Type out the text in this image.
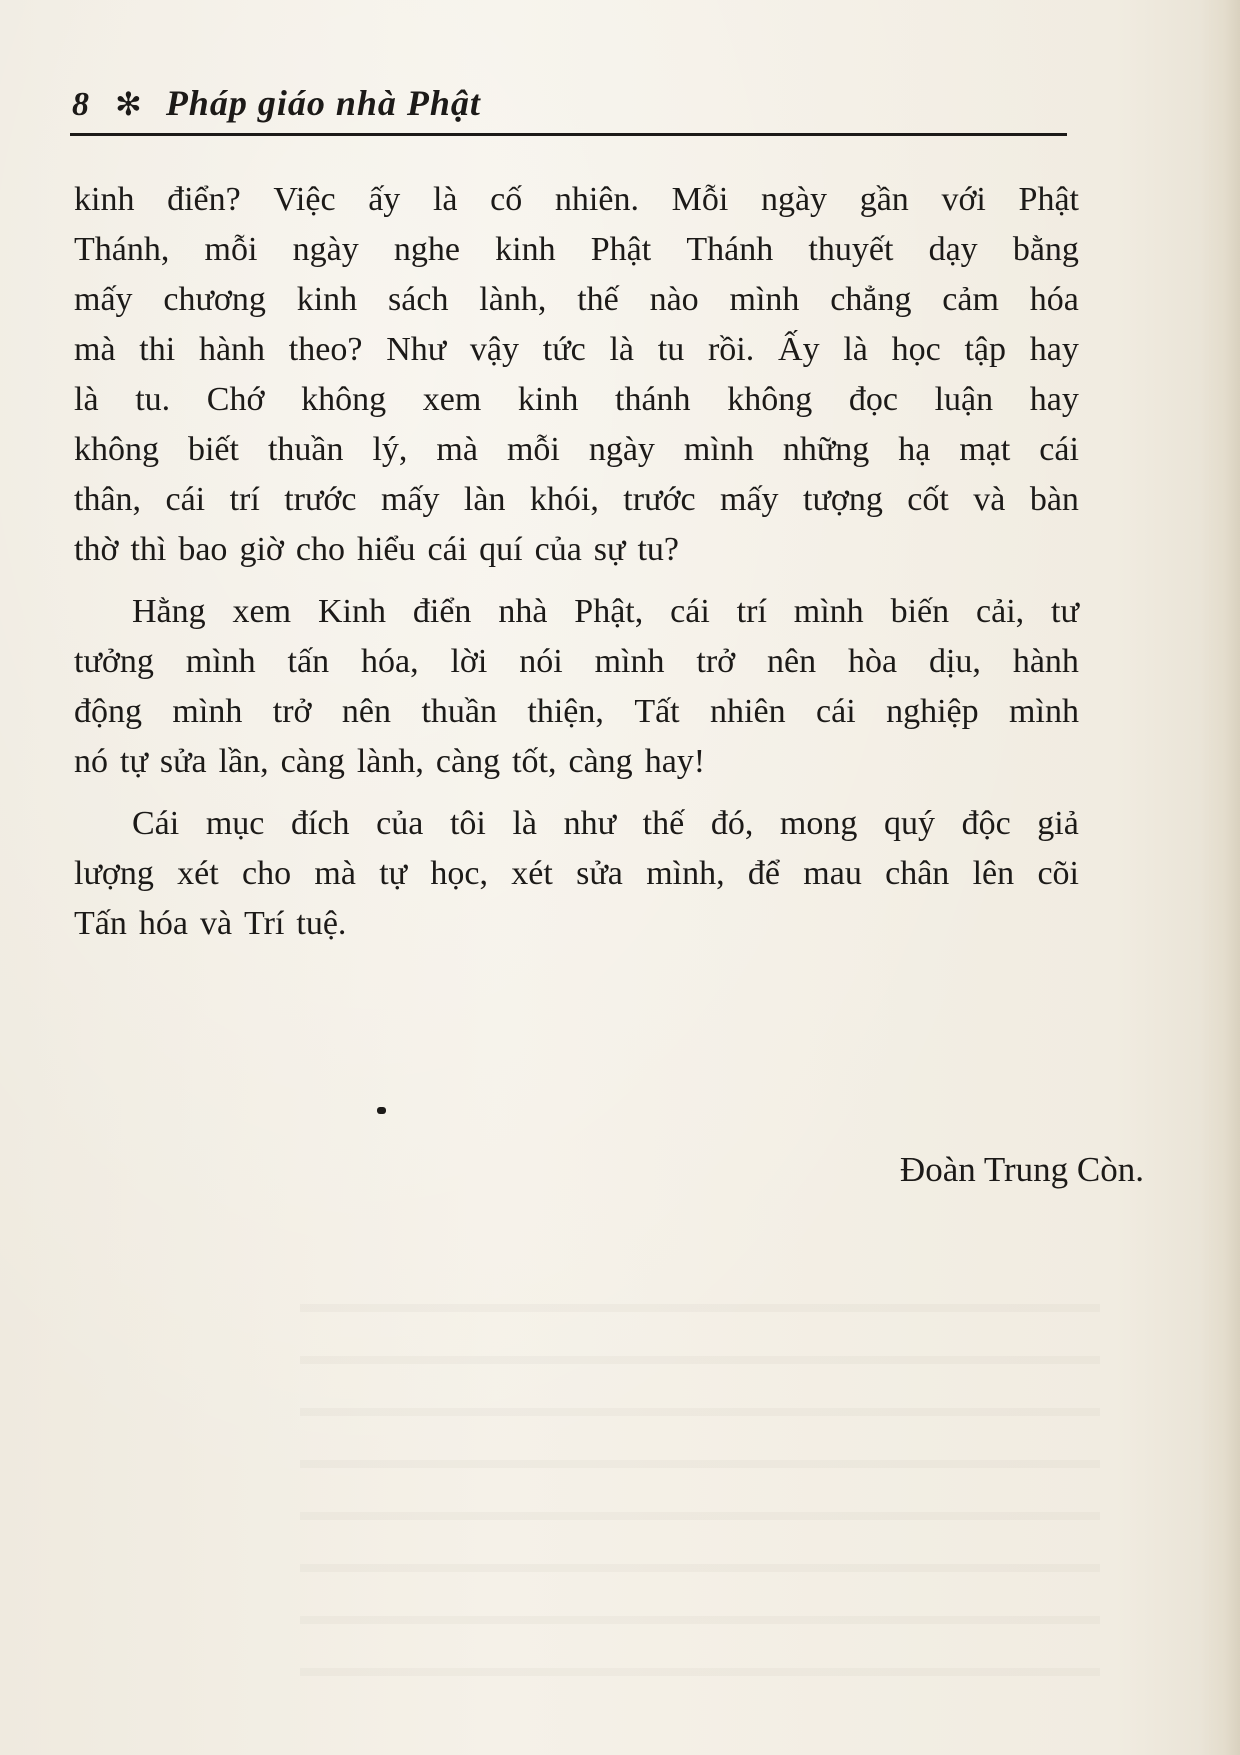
8 ✻ Pháp giáo nhà Phật
kinh điển? Việc ấy là cố nhiên. Mỗi ngày gần với Phật
Thánh, mỗi ngày nghe kinh Phật Thánh thuyết dạy bằng
mấy chương kinh sách lành, thế nào mình chẳng cảm hóa
mà thi hành theo? Như vậy tức là tu rồi. Ấy là học tập hay
là tu. Chớ không xem kinh thánh không đọc luận hay
không biết thuần lý, mà mỗi ngày mình những hạ mạt cái
thân, cái trí trước mấy làn khói, trước mấy tượng cốt và bàn
thờ thì bao giờ cho hiểu cái quí của sự tu?
Hằng xem Kinh điển nhà Phật, cái trí mình biến cải, tư
tưởng mình tấn hóa, lời nói mình trở nên hòa dịu, hành
động mình trở nên thuần thiện, Tất nhiên cái nghiệp mình
nó tự sửa lần, càng lành, càng tốt, càng hay!
Cái mục đích của tôi là như thế đó, mong quý độc giả
lượng xét cho mà tự học, xét sửa mình, để mau chân lên cõi
Tấn hóa và Trí tuệ.
Đoàn Trung Còn.
